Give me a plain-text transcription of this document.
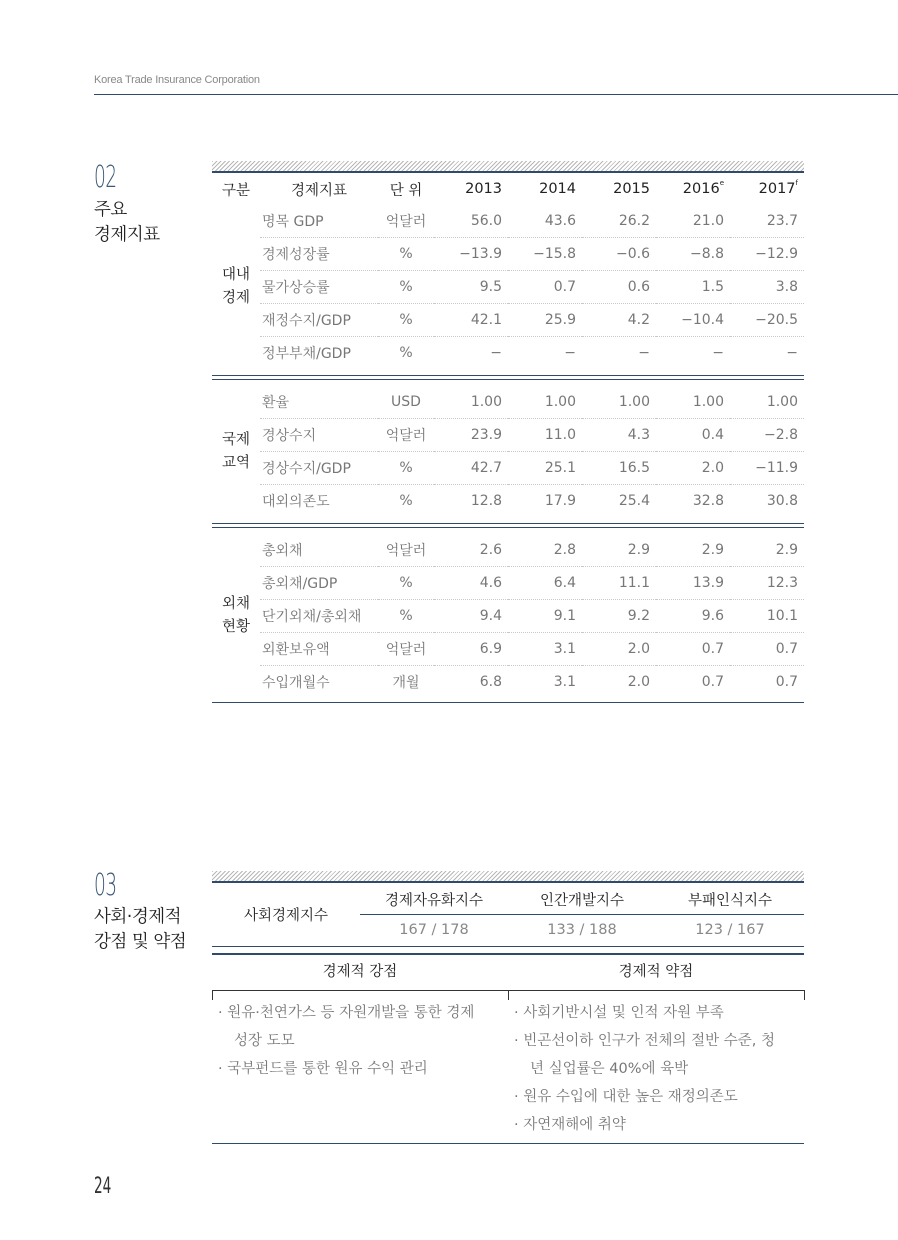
Korea Trade Insurance Corporation
02
주요
경제지표
구분	경제지표	단 위	2013	2014	2015	2016e	2017$^f$

대내
경제	명목 GDP	억달러	56.0	43.6	26.2	21.0	23.7
	경제성장률	%	−13.9	−15.8	−0.6	−8.8	−12.9
	물가상승률	%	9.5	0.7	0.6	1.5	3.8
	재정수지/GDP	%	42.1	25.9	4.2	−10.4	−20.5
	정부부채/GDP	%	−	−	−	−	−

국제
교역	환율	USD	1.00	1.00	1.00	1.00	1.00
	경상수지	억달러	23.9	11.0	4.3	0.4	−2.8
	경상수지/GDP	%	42.7	25.1	16.5	2.0	−11.9
	대외의존도	%	12.8	17.9	25.4	32.8	30.8

외채
현황	총외채	억달러	2.6	2.8	2.9	2.9	2.9
	총외채/GDP	%	4.6	6.4	11.1	13.9	12.3
	단기외채/총외채	%	9.4	9.1	9.2	9.6	10.1
	외환보유액	억달러	6.9	3.1	2.0	0.7	0.7
	수입개월수	개월	6.8	3.1	2.0	0.7	0.7

03
사회·경제적
강점 및 약점
사회경제지수	경제자유화지수	인간개발지수	부패인식지수
	167 / 178	133 / 188	123 / 167
경제적 강점	경제적 약점
· 원유·천연가스 등 자원개발을 통한 경제성장 도모
· 국부펀드를 통한 원유 수익 관리
· 사회기반시설 및 인적 자원 부족
· 빈곤선이하 인구가 전체의 절반 수준, 청년 실업률은 40%에 육박
· 원유 수입에 대한 높은 재정의존도
· 자연재해에 취약
24
